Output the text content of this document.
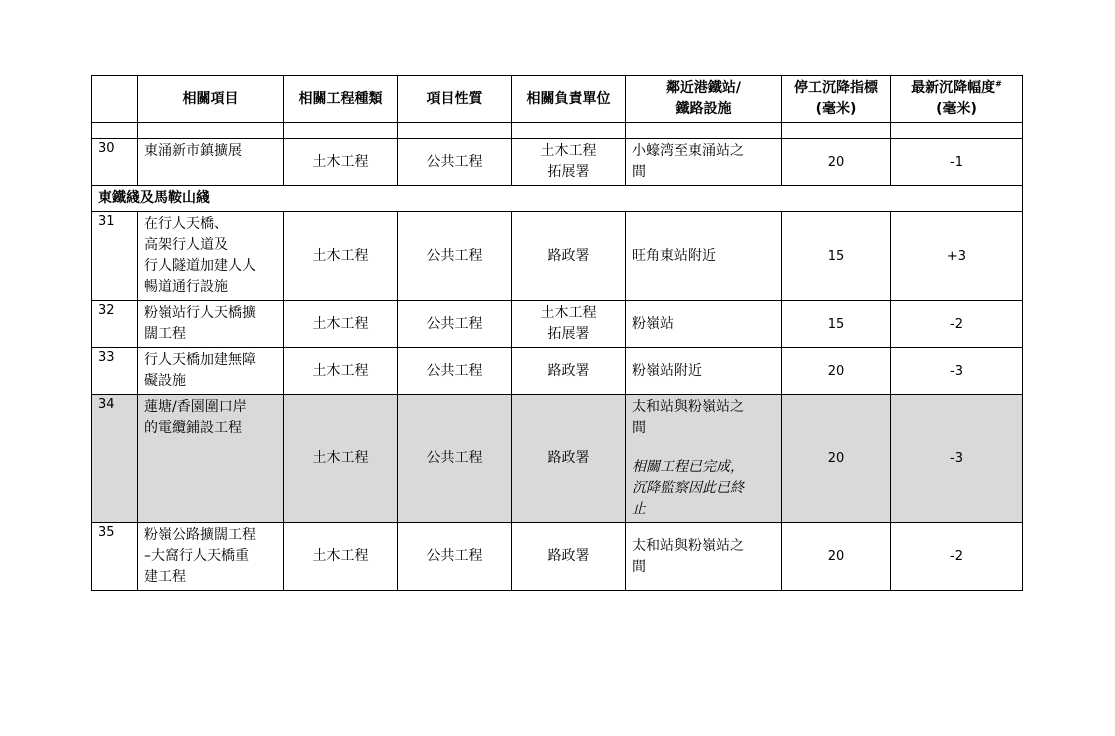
	相關項目	相關工程種類	項目性質	相關負責單位	鄰近港鐵站/
鐵路設施	停工沉降指標
(毫米)	最新沉降幅度#
(毫米)

30	東涌新市鎮擴展	土木工程	公共工程	土木工程
拓展署	小蠔湾至東涌站之
間	20	-1
東鐵綫及馬鞍山綫							
31	在行人天橋、
高架行人道及
行人隧道加建人人
暢道通行設施	土木工程	公共工程	路政署	旺角東站附近	15	+3
32	粉嶺站行人天橋擴
闊工程	土木工程	公共工程	土木工程
拓展署	粉嶺站	15	-2
33	行人天橋加建無障
礙設施	土木工程	公共工程	路政署	粉嶺站附近	20	-3
34	蓮塘/香園圍口岸
的電纜鋪設工程	土木工程	公共工程	路政署	太和站與粉嶺站之
間
相關工程已完成，
沉降監察因此已終
止	20	-3
35	粉嶺公路擴闊工程
–大窩行人天橋重
建工程	土木工程	公共工程	路政署	太和站與粉嶺站之
間	20	-2
